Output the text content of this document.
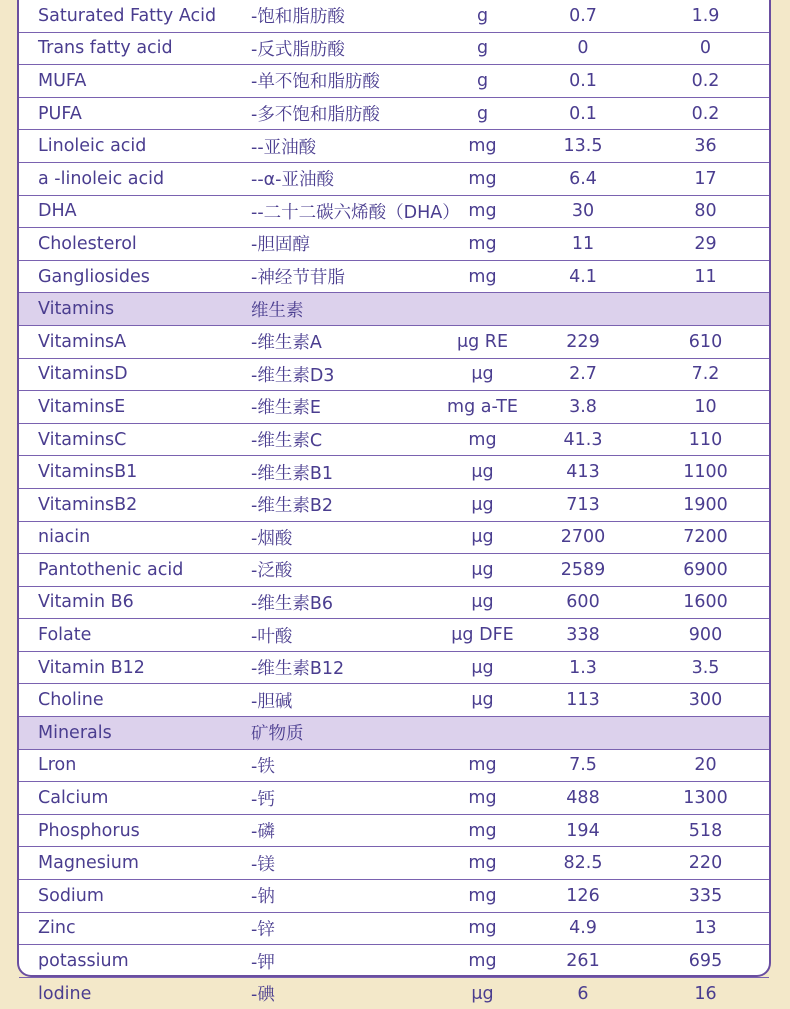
Saturated Fatty Acid	-饱和脂肪酸	g	0.7	1.9
Trans fatty acid	-反式脂肪酸	g	0	0
MUFA	-单不饱和脂肪酸	g	0.1	0.2
PUFA	-多不饱和脂肪酸	g	0.1	0.2
Linoleic acid	--亚油酸	mg	13.5	36
a -linoleic acid	--α-亚油酸	mg	6.4	17
DHA	--二十二碳六烯酸（DHA）	mg	30	80
Cholesterol	-胆固醇	mg	11	29
Gangliosides	-神经节苷脂	mg	4.1	11
Vitamins	维生素			
VitaminsA	-维生素A	μg RE	229	610
VitaminsD	-维生素D3	μg	2.7	7.2
VitaminsE	-维生素E	mg a-TE	3.8	10
VitaminsC	-维生素C	mg	41.3	110
VitaminsB1	-维生素B1	μg	413	1100
VitaminsB2	-维生素B2	μg	713	1900
niacin	-烟酸	μg	2700	7200
Pantothenic acid	-泛酸	μg	2589	6900
Vitamin B6	-维生素B6	μg	600	1600
Folate	-叶酸	μg DFE	338	900
Vitamin B12	-维生素B12	μg	1.3	3.5
Choline	-胆碱	μg	113	300
Minerals	矿物质			
Lron	-铁	mg	7.5	20
Calcium	-钙	mg	488	1300
Phosphorus	-磷	mg	194	518
Magnesium	-镁	mg	82.5	220
Sodium	-钠	mg	126	335
Zinc	-锌	mg	4.9	13
potassium	-钾	mg	261	695
lodine	-碘	μg	6	16
